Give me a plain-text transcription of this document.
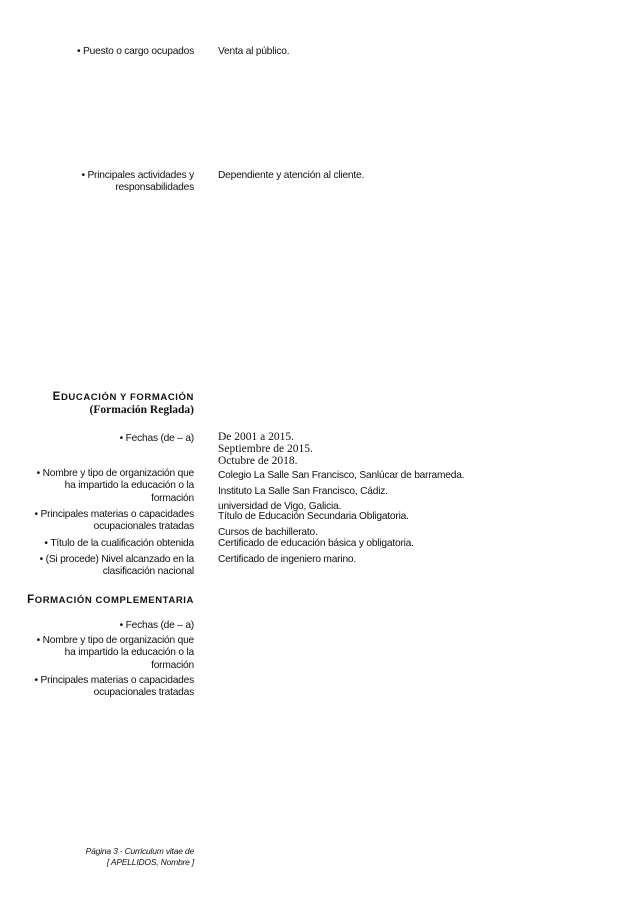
• Puesto o cargo ocupados Venta al público.
• Principales actividades y
responsabilidades
Dependiente y atención al cliente.
EDUCACIÓN Y FORMACIÓN
(Formación Reglada)
• Fechas (de – a) De 2001 a 2015.
Septiembre de 2015.
Octubre de 2018.
• Nombre y tipo de organización que
ha impartido la educación o la
formación
Colegio La Salle San Francisco, Sanlúcar de barrameda.
Instituto La Salle San Francisco, Cádiz.
universidad de Vigo, Galicia.
• Principales materias o capacidades
ocupacionales tratadas
Título de Educación Secundaria Obligatoria.
Cursos de bachillerato.
• Título de la cualificación obtenida Certificado de educación básica y obligatoria.
• (Si procede) Nivel alcanzado en la
clasificación nacional
Certificado de ingeniero marino.
FORMACIÓN COMPLEMENTARIA
• Fechas (de – a)
• Nombre y tipo de organización que
ha impartido la educación o la
formación
• Principales materias o capacidades
ocupacionales tratadas
Página 3 - Curriculum vitae de
[ APELLIDOS, Nombre ]
